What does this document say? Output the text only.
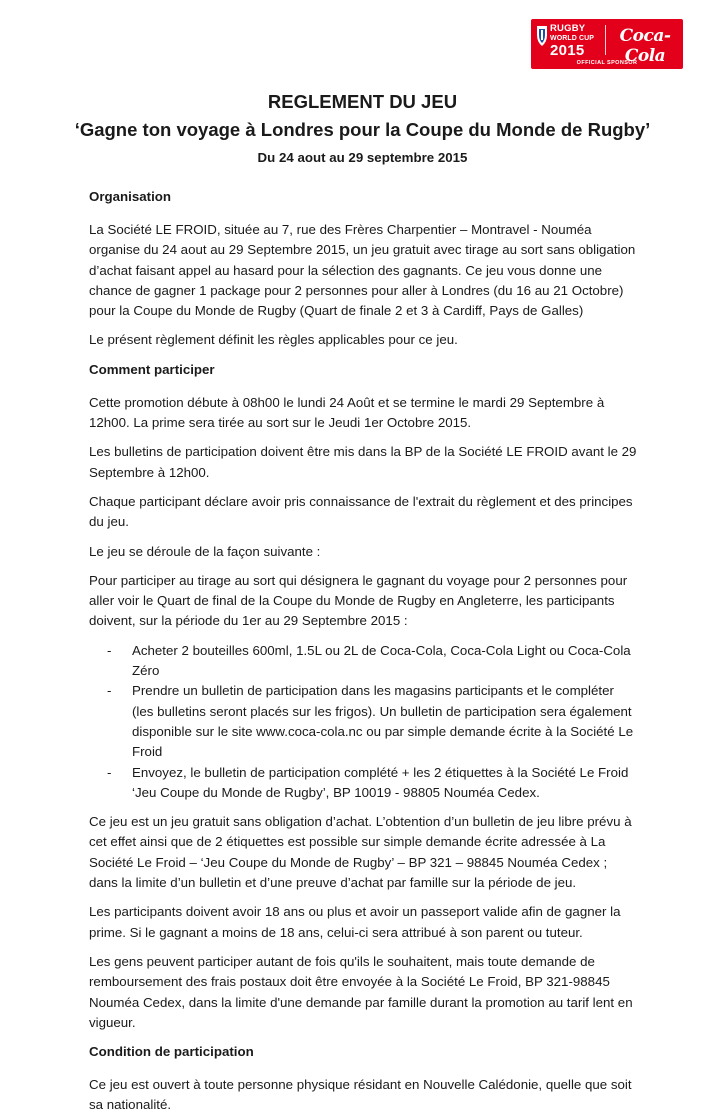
RUGBY
WORLD CUP
2015
Coca-Cola
OFFICIAL SPONSOR
REGLEMENT DU JEU
‘Gagne ton voyage à Londres pour la Coupe du Monde de Rugby’
Du 24 aout au 29 septembre 2015
Organisation

La Société LE FROID, située au 7, rue des Frères Charpentier – Montravel - Nouméa organise du 24 aout au 29 Septembre 2015, un jeu gratuit avec tirage au sort sans obligation d’achat faisant appel au hasard pour la sélection des gagnants. Ce jeu vous donne une chance de gagner 1 package pour 2 personnes pour aller à Londres (du 16 au 21 Octobre) pour la Coupe du Monde de Rugby (Quart de finale 2 et 3 à Cardiff, Pays de Galles)

Le présent règlement définit les règles applicables pour ce jeu.

Comment participer

Cette promotion débute à 08h00 le lundi 24 Août et se termine le mardi 29 Septembre à 12h00. La prime sera tirée au sort sur le Jeudi 1er Octobre 2015.

Les bulletins de participation doivent être mis dans la BP de la Société LE FROID avant le 29 Septembre à 12h00.

Chaque participant déclare avoir pris connaissance de l'extrait du règlement et des principes du jeu.

Le jeu se déroule de la façon suivante :

Pour participer au tirage au sort qui désignera le gagnant du voyage pour 2 personnes pour aller voir le Quart de final de la Coupe du Monde de Rugby en Angleterre, les participants doivent, sur la période du 1er au 29 Septembre 2015 :

- Acheter 2 bouteilles 600ml, 1.5L ou 2L de Coca-Cola, Coca-Cola Light ou Coca-Cola Zéro
- Prendre un bulletin de participation dans les magasins participants et le compléter (les bulletins seront placés sur les frigos). Un bulletin de participation sera également disponible sur le site www.coca-cola.nc ou par simple demande écrite à la Société Le Froid
- Envoyez, le bulletin de participation complété + les 2 étiquettes à la Société Le Froid ‘Jeu Coupe du Monde de Rugby’, BP 10019 - 98805 Nouméa Cedex.

Ce jeu est un jeu gratuit sans obligation d’achat. L’obtention d’un bulletin de jeu libre prévu à cet effet ainsi que de 2 étiquettes est possible sur simple demande écrite adressée à La Société Le Froid – ‘Jeu Coupe du Monde de Rugby’ – BP 321 – 98845 Nouméa Cedex ; dans la limite d’un bulletin et d’une preuve d’achat par famille sur la période de jeu.

Les participants doivent avoir 18 ans ou plus et avoir un passeport valide afin de gagner la prime. Si le gagnant a moins de 18 ans, celui-ci sera attribué à son parent ou tuteur.

Les gens peuvent participer autant de fois qu'ils le souhaitent, mais toute demande de remboursement des frais postaux doit être envoyée à la Société Le Froid, BP 321-98845 Nouméa Cedex, dans la limite d'une demande par famille durant la promotion au tarif lent en vigueur.

Condition de participation

Ce jeu est ouvert à toute personne physique résidant en Nouvelle Calédonie, quelle que soit sa nationalité.
